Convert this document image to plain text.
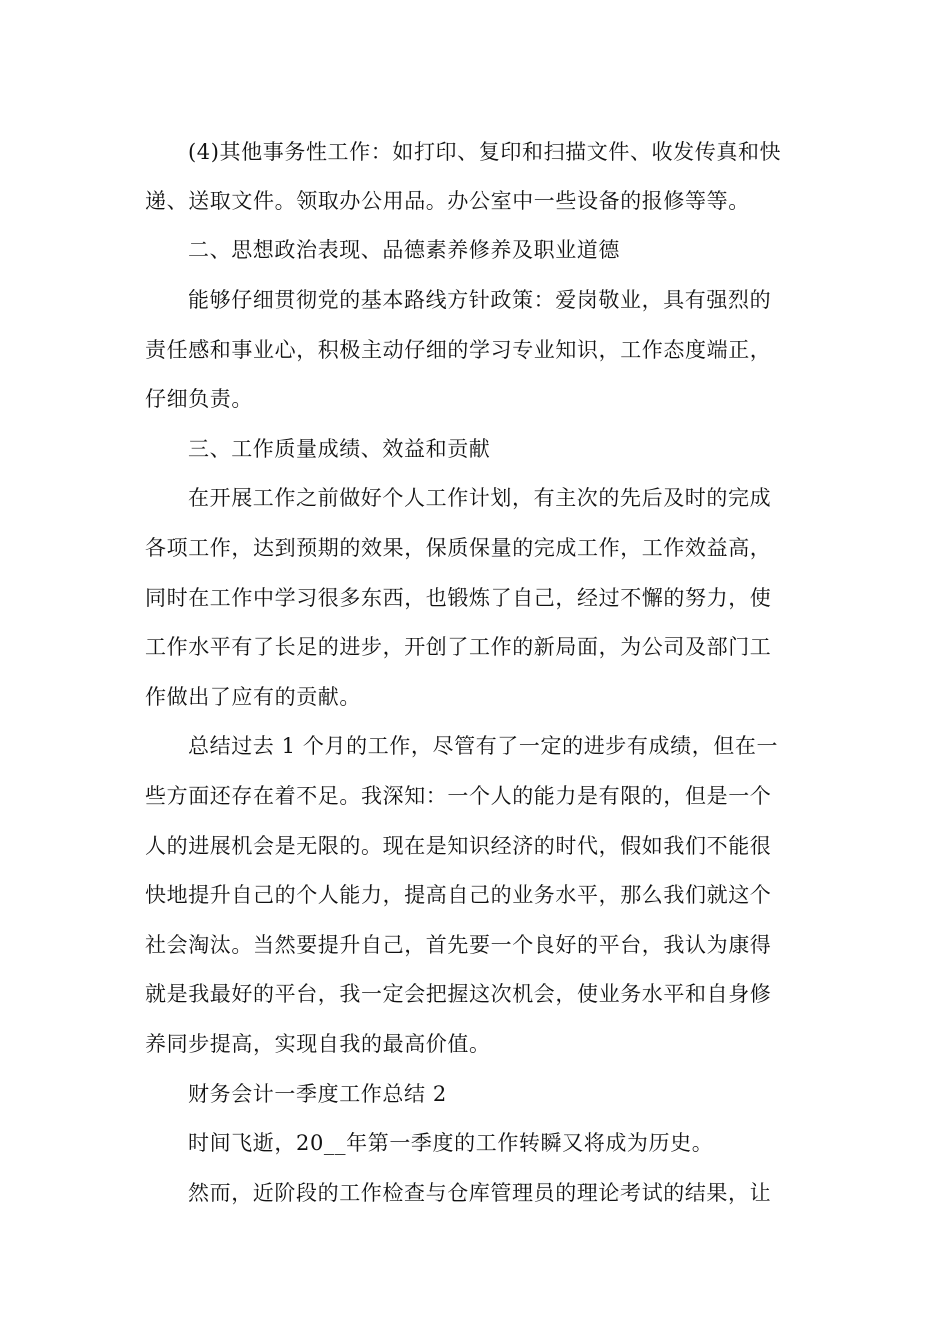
(4)其他事务性工作：如打印、复印和扫描文件、收发传真和快
递、送取文件。领取办公用品。办公室中一些设备的报修等等。
二、思想政治表现、品德素养修养及职业道德
能够仔细贯彻党的基本路线方针政策：爱岗敬业，具有强烈的
责任感和事业心，积极主动仔细的学习专业知识，工作态度端正，
仔细负责。
三、工作质量成绩、效益和贡献
在开展工作之前做好个人工作计划，有主次的先后及时的完成
各项工作，达到预期的效果，保质保量的完成工作，工作效益高，
同时在工作中学习很多东西，也锻炼了自己，经过不懈的努力，使
工作水平有了长足的进步，开创了工作的新局面，为公司及部门工
作做出了应有的贡献。
总结过去 1 个月的工作，尽管有了一定的进步有成绩，但在一
些方面还存在着不足。我深知：一个人的能力是有限的，但是一个
人的进展机会是无限的。现在是知识经济的时代，假如我们不能很
快地提升自己的个人能力，提高自己的业务水平，那么我们就这个
社会淘汰。当然要提升自己，首先要一个良好的平台，我认为康得
就是我最好的平台，我一定会把握这次机会，使业务水平和自身修
养同步提高，实现自我的最高价值。
财务会计一季度工作总结 2
时间飞逝，20__年第一季度的工作转瞬又将成为历史。
然而，近阶段的工作检查与仓库管理员的理论考试的结果，让
